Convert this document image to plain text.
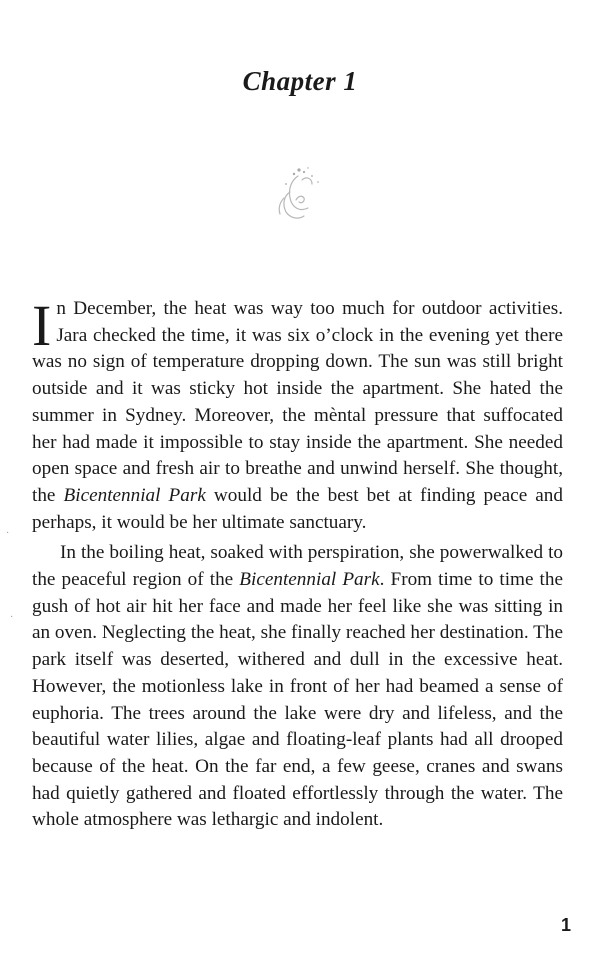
Chapter 1

In December, the heat was way too much for outdoor activities. Jara checked the time, it was six o’clock in the evening yet there was no sign of temperature dropping down. The sun was still bright outside and it was sticky hot inside the apartment. She hated the summer in Sydney. Moreover, the mèntal pressure that suffocated her had made it impossible to stay inside the apartment. She needed open space and fresh air to breathe and unwind herself. She thought, the Bicentennial Park would be the best bet at finding peace and perhaps, it would be her ultimate sanctuary.

In the boiling heat, soaked with perspiration, she powerwalked to the peaceful region of the Bicentennial Park. From time to time the gush of hot air hit her face and made her feel like she was sitting in an oven. Neglecting the heat, she finally reached her destination. The park itself was deserted, withered and dull in the excessive heat. However, the motionless lake in front of her had beamed a sense of euphoria. The trees around the lake were dry and lifeless, and the beautiful water lilies, algae and floating-leaf plants had all drooped because of the heat. On the far end, a few geese, cranes and swans had quietly gathered and floated effortlessly through the water. The whole atmosphere was lethargic and indolent.

1
·
·
